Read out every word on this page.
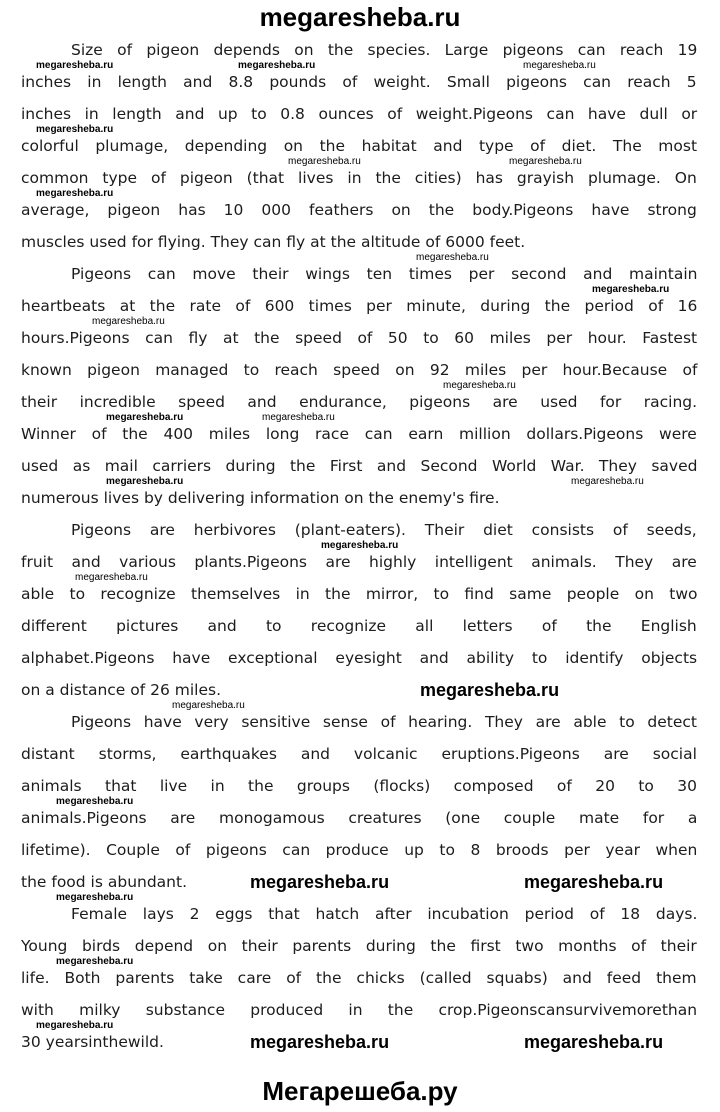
megaresheba.ru
Size of pigeon depends on the species. Large pigeons can reach 19
inches in length and 8.8 pounds of weight. Small pigeons can reach 5
inches in length and up to 0.8 ounces of weight.Pigeons can have dull or
colorful plumage, depending on the habitat and type of diet. The most
common type of pigeon (that lives in the cities) has grayish plumage. On
average, pigeon has 10 000 feathers on the body.Pigeons have strong
muscles used for flying. They can fly at the altitude of 6000 feet.
Pigeons can move their wings ten times per second and maintain
heartbeats at the rate of 600 times per minute, during the period of 16
hours.Pigeons can fly at the speed of 50 to 60 miles per hour. Fastest
known pigeon managed to reach speed on 92 miles per hour.Because of
their incredible speed and endurance, pigeons are used for racing.
Winner of the 400 miles long race can earn million dollars.Pigeons were
used as mail carriers during the First and Second World War. They saved
numerous lives by delivering information on the enemy's fire.
Pigeons are herbivores (plant-eaters). Their diet consists of seeds,
fruit and various plants.Pigeons are highly intelligent animals. They are
able to recognize themselves in the mirror, to find same people on two
different pictures and to recognize all letters of the English
alphabet.Pigeons have exceptional eyesight and ability to identify objects
on a distance of 26 miles.
Pigeons have very sensitive sense of hearing. They are able to detect
distant storms, earthquakes and volcanic eruptions.Pigeons are social
animals that live in the groups (flocks) composed of 20 to 30
animals.Pigeons are monogamous creatures (one couple mate for a
lifetime). Couple of pigeons can produce up to 8 broods per year when
the food is abundant.
Female lays 2 eggs that hatch after incubation period of 18 days.
Young birds depend on their parents during the first two months of their
life. Both parents take care of the chicks (called squabs) and feed them
with milky substance produced in the crop.Pigeonscansurvivemorethan
30 yearsinthewild.
megaresheba.ru	megaresheba.ru	megaresheba.ru
megaresheba.ru
megaresheba.ru	megaresheba.ru
megaresheba.ru
megaresheba.ru
megaresheba.ru
megaresheba.ru
megaresheba.ru
megaresheba.ru	megaresheba.ru
megaresheba.ru	megaresheba.ru
megaresheba.ru
megaresheba.ru
megaresheba.ru
megaresheba.ru
megaresheba.ru
megaresheba.ru	megaresheba.ru
megaresheba.ru
megaresheba.ru
megaresheba.ru
megaresheba.ru	megaresheba.ru
Мегарешеба.ру
